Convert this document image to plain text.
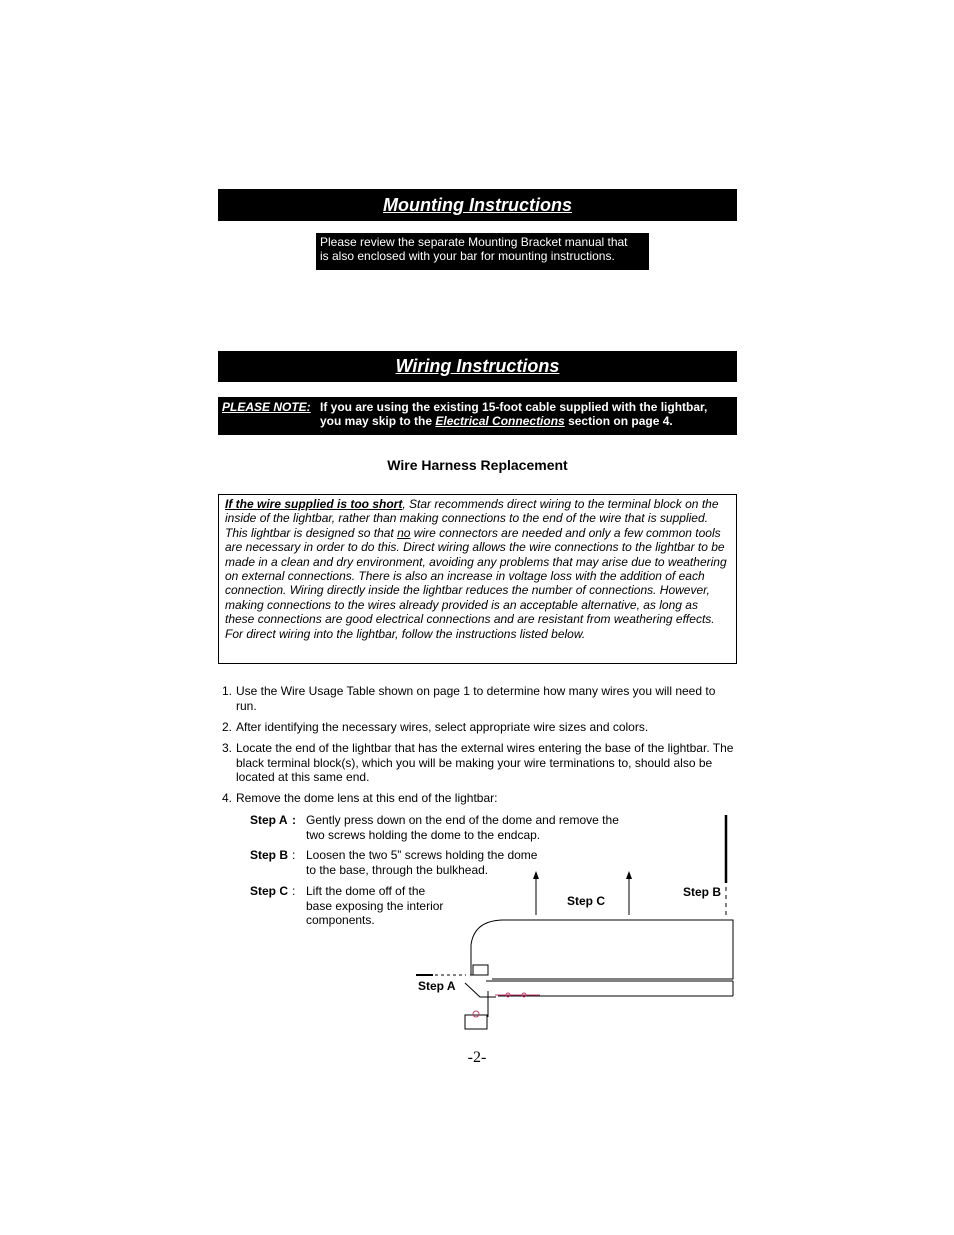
Mounting Instructions
Please review the separate Mounting Bracket manual that
is also enclosed with your bar for mounting instructions.
Wiring Instructions
PLEASE NOTE: If you are using the existing 15-foot cable supplied with the lightbar, you may skip to the Electrical Connections section on page 4.
Wire Harness Replacement
If the wire supplied is too short, Star recommends direct wiring to the terminal block on the inside of the lightbar, rather than making connections to the end of the wire that is supplied. This lightbar is designed so that no wire connectors are needed and only a few common tools are necessary in order to do this. Direct wiring allows the wire connections to the lightbar to be made in a clean and dry environment, avoiding any problems that may arise due to weathering on external connections. There is also an increase in voltage loss with the addition of each connection. Wiring directly inside the lightbar reduces the number of connections. However, making connections to the wires already provided is an acceptable alternative, as long as these connections are good electrical connections and are resistant from weathering effects. For direct wiring into the lightbar, follow the instructions listed below.
1. Use the Wire Usage Table shown on page 1 to determine how many wires you will need to run.
2. After identifying the necessary wires, select appropriate wire sizes and colors.
3. Locate the end of the lightbar that has the external wires entering the base of the lightbar. The black terminal block(s), which you will be making your wire terminations to, should also be located at this same end.
4. Remove the dome lens at this end of the lightbar:
Step A : Gently press down on the end of the dome and remove the two screws holding the dome to the endcap.
Step B : Loosen the two 5” screws holding the dome to the base, through the bulkhead.
Step C : Lift the dome off of the base exposing the interior components.
Step B
Step C
Step A
-2-
